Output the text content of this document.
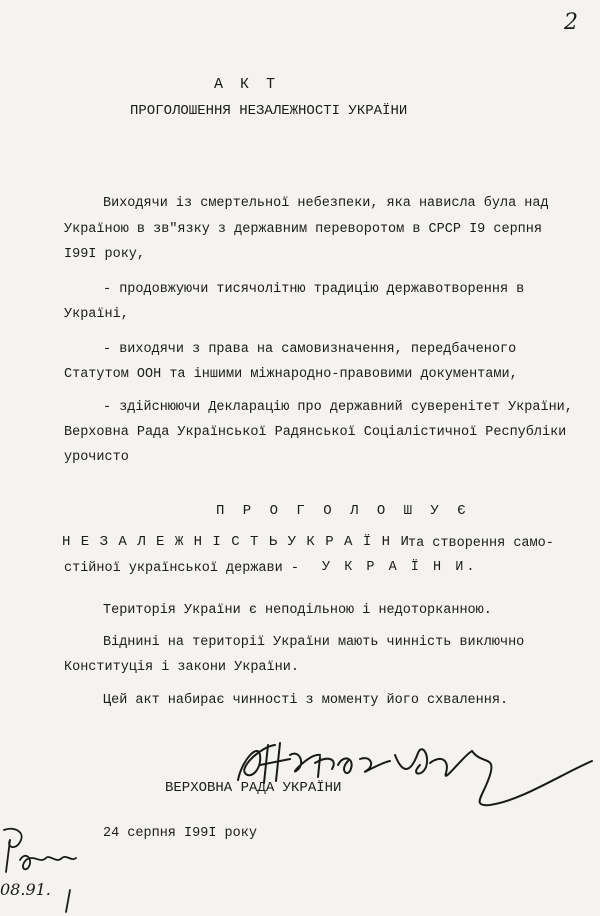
2
А К Т
ПРОГОЛОШЕННЯ НЕЗАЛЕЖНОСТІ УКРАЇНИ
Виходячи із смертельної небезпеки, яка нависла була над
Україною в зв"язку з державним переворотом в СРСР I9 серпня
I99I року,
- продовжуючи тисячолітню традицію державотворення в
Україні,
- виходячи з права на самовизначення, передбаченого
Статутом ООН та іншими міжнародно-правовими документами,
- здійснюючи Декларацію про державний суверенітет України,
Верховна Рада Української Радянської Соціалістичної Республіки
урочисто
П Р О Г О Л О Ш У Є
Н Е З А Л Е Ж Н І С Т Ь У К Р А Ї Н И
та створення само-
стійної української держави - У К Р А Ї Н И.
Територія України є неподільною і недоторканною.
Віднині на території України мають чинність виключно
Конституція і закони України.
Цей акт набирає чинності з моменту його схвалення.
ВЕРХОВНА РАДА УКРАЇНИ
24 серпня I99I року
08.91.
